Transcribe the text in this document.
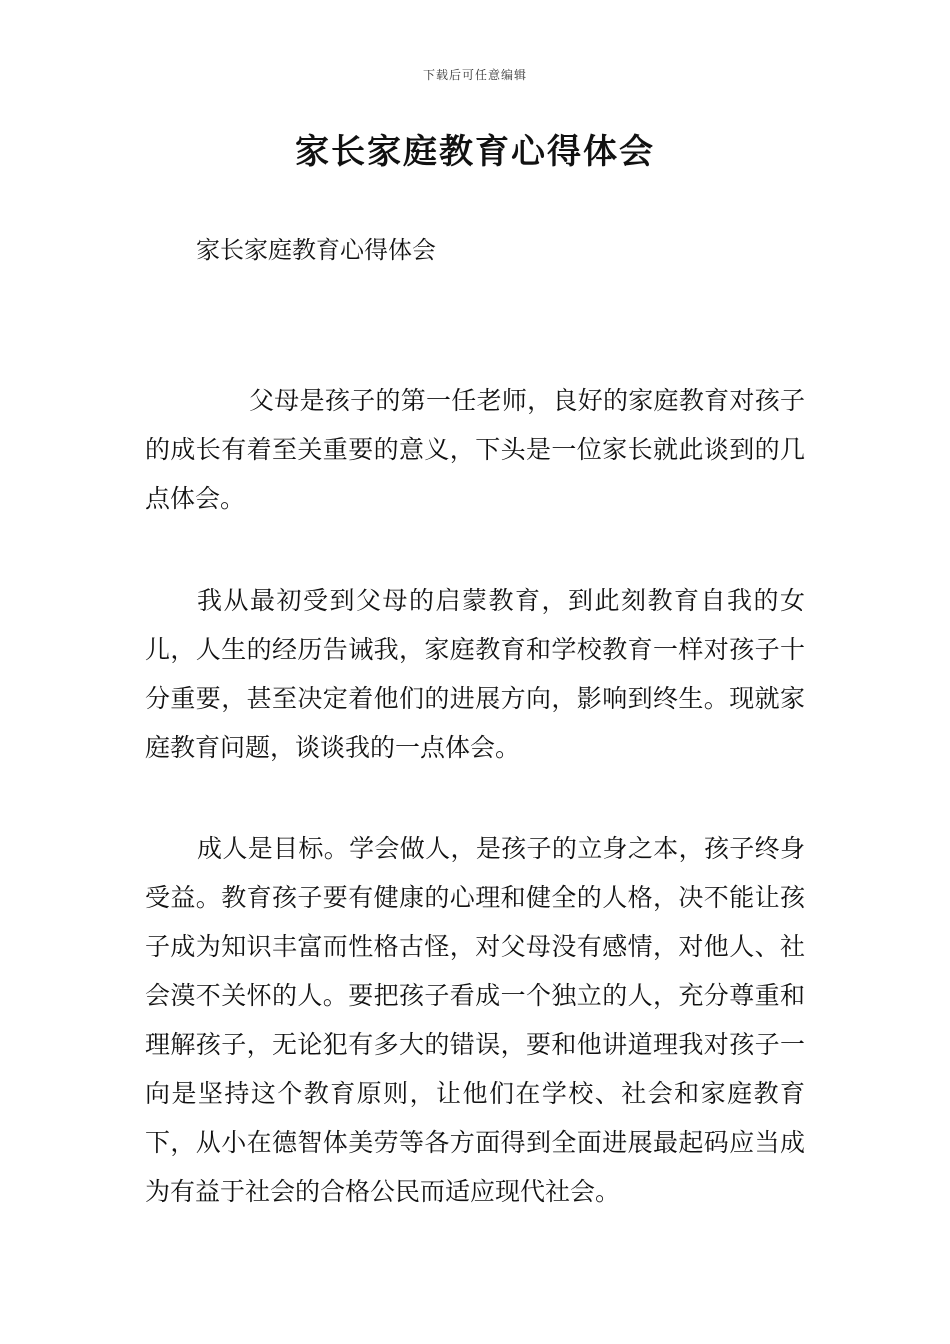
下载后可任意编辑
家长家庭教育心得体会

家长家庭教育心得体会

父母是孩子的第一任老师，良好的家庭教育对孩子的成长有着至关重要的意义，下头是一位家长就此谈到的几点体会。

我从最初受到父母的启蒙教育，到此刻教育自我的女儿，人生的经历告诫我，家庭教育和学校教育一样对孩子十分重要，甚至决定着他们的进展方向，影响到终生。现就家庭教育问题，谈谈我的一点体会。

成人是目标。学会做人，是孩子的立身之本，孩子终身受益。教育孩子要有健康的心理和健全的人格，决不能让孩子成为知识丰富而性格古怪，对父母没有感情，对他人、社会漠不关怀的人。要把孩子看成一个独立的人，充分尊重和理解孩子，无论犯有多大的错误，要和他讲道理我对孩子一向是坚持这个教育原则，让他们在学校、社会和家庭教育下，从小在德智体美劳等各方面得到全面进展最起码应当成为有益于社会的合格公民而适应现代社会。
